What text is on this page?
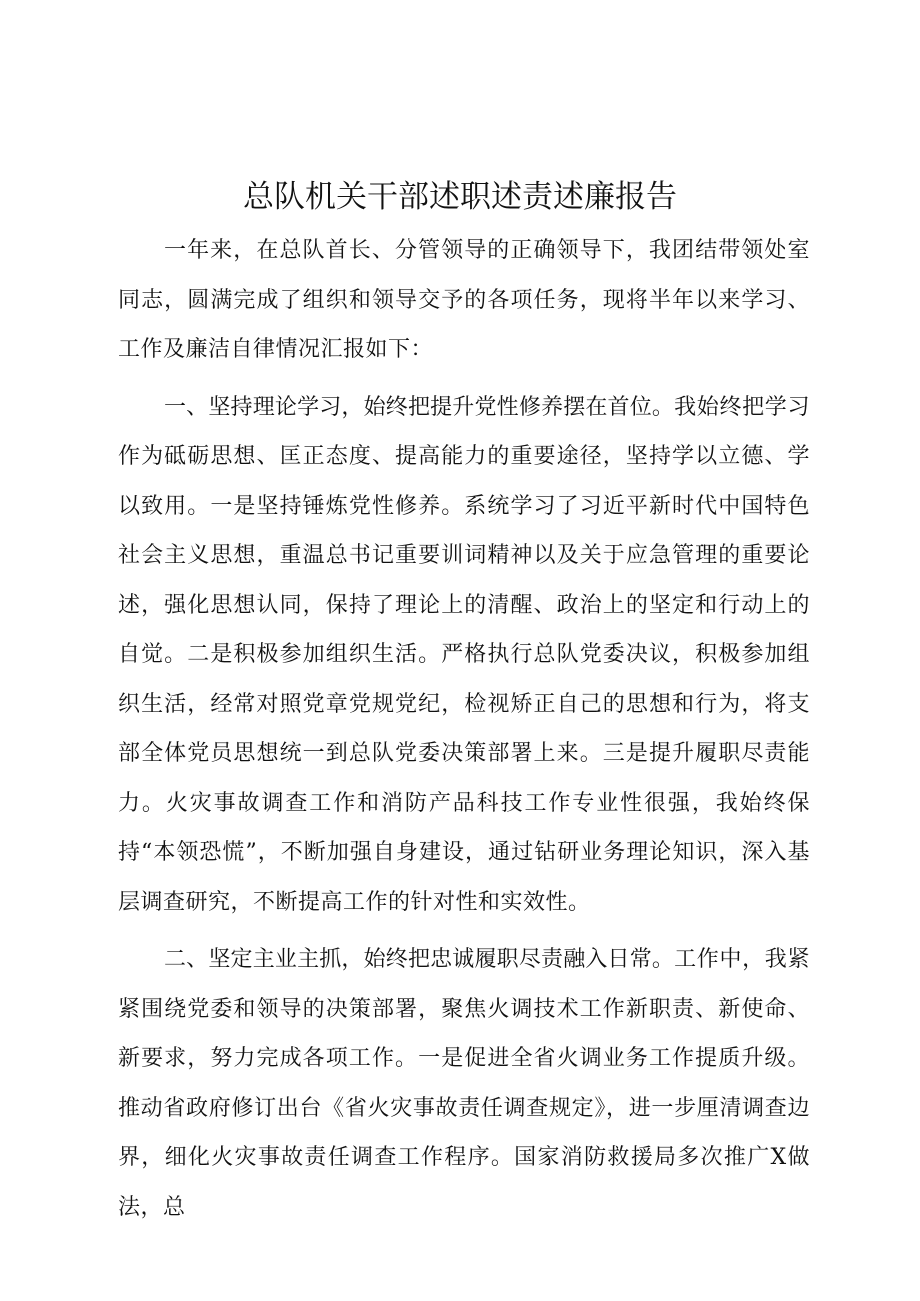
总队机关干部述职述责述廉报告

一年来，在总队首长、分管领导的正确领导下，我团结带领处室同志，圆满完成了组织和领导交予的各项任务，现将半年以来学习、工作及廉洁自律情况汇报如下：

一、坚持理论学习，始终把提升党性修养摆在首位。我始终把学习作为砥砺思想、匡正态度、提高能力的重要途径，坚持学以立德、学以致用。一是坚持锤炼党性修养。系统学习了习近平新时代中国特色社会主义思想，重温总书记重要训词精神以及关于应急管理的重要论述，强化思想认同，保持了理论上的清醒、政治上的坚定和行动上的自觉。二是积极参加组织生活。严格执行总队党委决议，积极参加组织生活，经常对照党章党规党纪，检视矫正自己的思想和行为，将支部全体党员思想统一到总队党委决策部署上来。三是提升履职尽责能力。火灾事故调查工作和消防产品科技工作专业性很强，我始终保持“本领恐慌”，不断加强自身建设，通过钻研业务理论知识，深入基层调查研究，不断提高工作的针对性和实效性。

二、坚定主业主抓，始终把忠诚履职尽责融入日常。工作中，我紧紧围绕党委和领导的决策部署，聚焦火调技术工作新职责、新使命、新要求，努力完成各项工作。一是促进全省火调业务工作提质升级。推动省政府修订出台《省火灾事故责任调查规定》，进一步厘清调查边界，细化火灾事故责任调查工作程序。国家消防救援局多次推广X做法，总
